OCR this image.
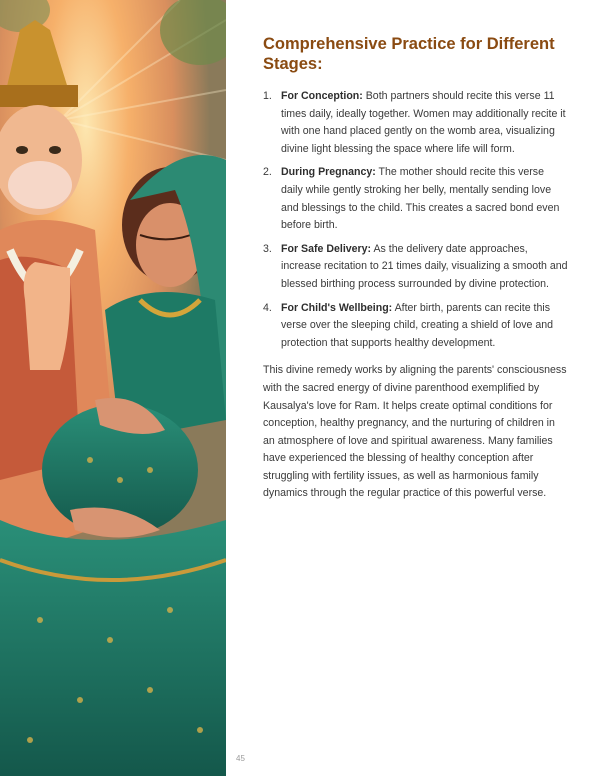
Comprehensive Practice for Different Stages:
1. For Conception: Both partners should recite this verse 11 times daily, ideally together. Women may additionally recite it with one hand placed gently on the womb area, visualizing divine light blessing the space where life will form.
2. During Pregnancy: The mother should recite this verse daily while gently stroking her belly, mentally sending love and blessings to the child. This creates a sacred bond even before birth.
3. For Safe Delivery: As the delivery date approaches, increase recitation to 21 times daily, visualizing a smooth and blessed birthing process surrounded by divine protection.
4. For Child's Wellbeing: After birth, parents can recite this verse over the sleeping child, creating a shield of love and protection that supports healthy development.

This divine remedy works by aligning the parents' consciousness with the sacred energy of divine parenthood exemplified by Kausalya's love for Ram. It helps create optimal conditions for conception, healthy pregnancy, and the nurturing of children in an atmosphere of love and spiritual awareness. Many families have experienced the blessing of healthy conception after struggling with fertility issues, as well as harmonious family dynamics through the regular practice of this powerful verse.

45
